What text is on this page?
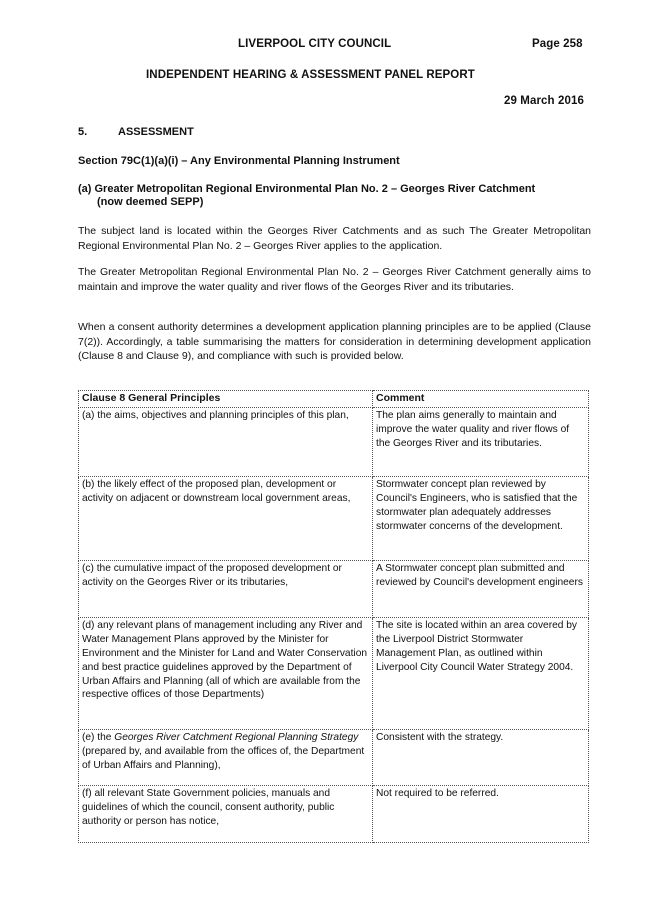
LIVERPOOL CITY COUNCIL	Page 258
INDEPENDENT HEARING & ASSESSMENT PANEL REPORT
29 March 2016
5.	ASSESSMENT
Section 79C(1)(a)(i) – Any Environmental Planning Instrument
(a) Greater Metropolitan Regional Environmental Plan No. 2 – Georges River Catchment
(now deemed SEPP)
The subject land is located within the Georges River Catchments and as such The Greater Metropolitan Regional Environmental Plan No. 2 – Georges River applies to the application.
The Greater Metropolitan Regional Environmental Plan No. 2 – Georges River Catchment generally aims to maintain and improve the water quality and river flows of the Georges River and its tributaries.
When a consent authority determines a development application planning principles are to be applied (Clause 7(2)). Accordingly, a table summarising the matters for consideration in determining development application (Clause 8 and Clause 9), and compliance with such is provided below.
Clause 8 General Principles	Comment
(a) the aims, objectives and planning principles of this plan,	The plan aims generally to maintain and improve the water quality and river flows of the Georges River and its tributaries.
(b) the likely effect of the proposed plan, development or activity on adjacent or downstream local government areas,	Stormwater concept plan reviewed by Council's Engineers, who is satisfied that the stormwater plan adequately addresses stormwater concerns of the development.
(c) the cumulative impact of the proposed development or activity on the Georges River or its tributaries,	A Stormwater concept plan submitted and reviewed by Council's development engineers
(d) any relevant plans of management including any River and Water Management Plans approved by the Minister for Environment and the Minister for Land and Water Conservation and best practice guidelines approved by the Department of Urban Affairs and Planning (all of which are available from the respective offices of those Departments)	The site is located within an area covered by the Liverpool District Stormwater Management Plan, as outlined within Liverpool City Council Water Strategy 2004.
(e) the Georges River Catchment Regional Planning Strategy (prepared by, and available from the offices of, the Department of Urban Affairs and Planning),	Consistent with the strategy.
(f) all relevant State Government policies, manuals and guidelines of which the council, consent authority, public authority or person has notice,	Not required to be referred.
